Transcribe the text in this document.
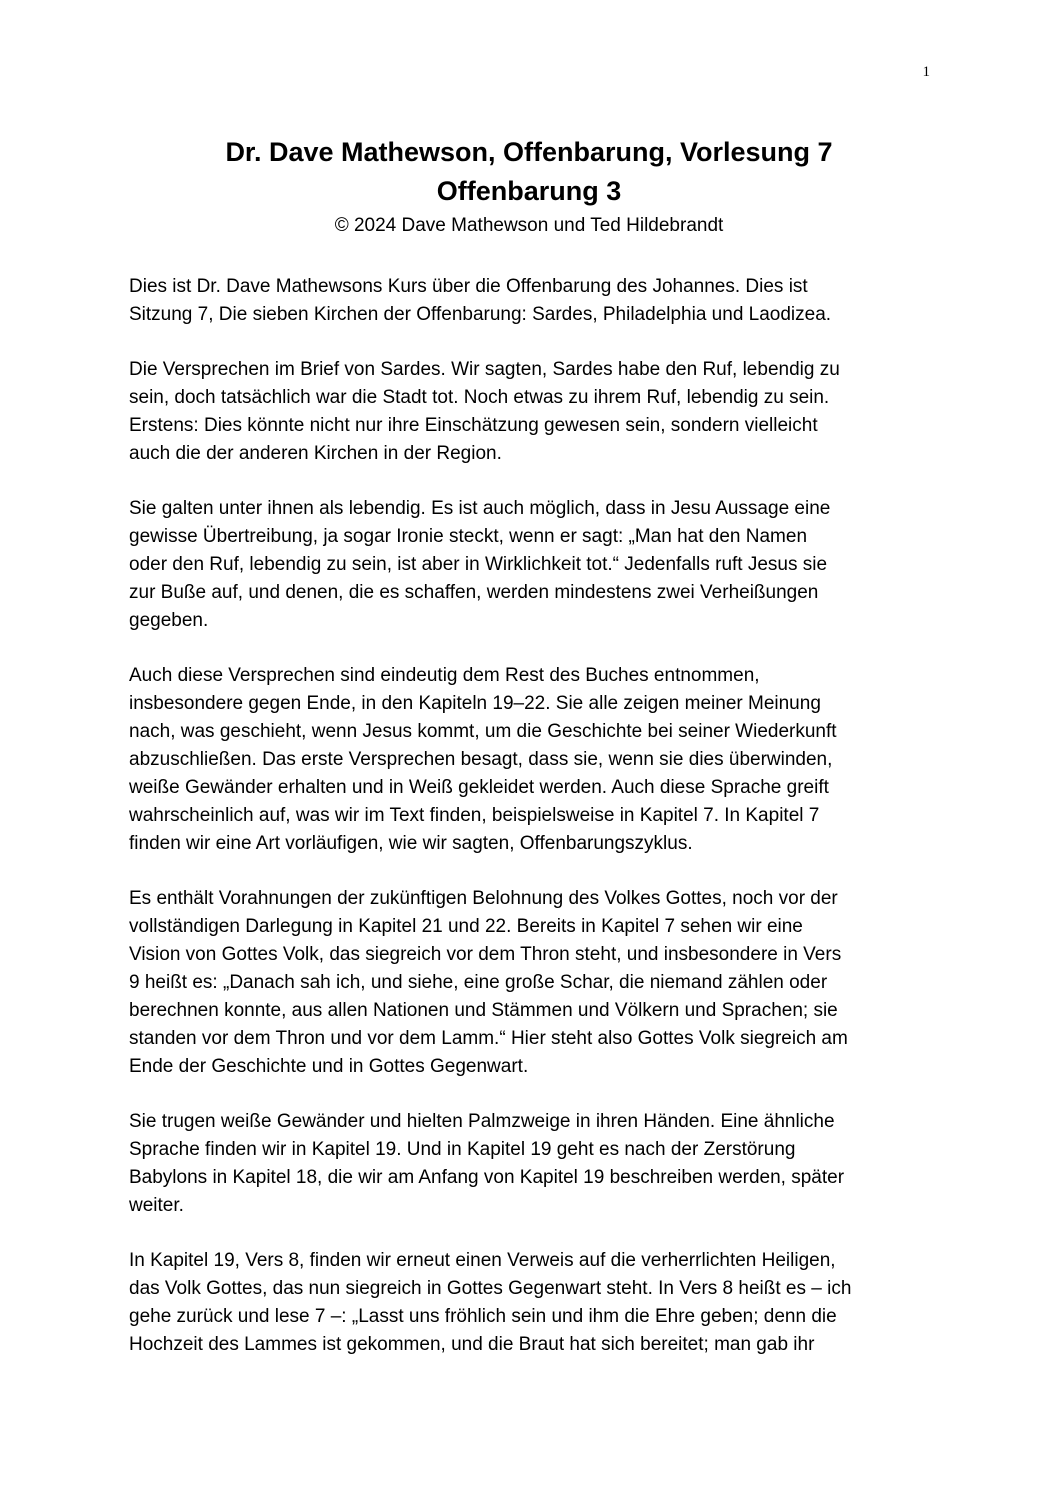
1
Dr. Dave Mathewson, Offenbarung, Vorlesung 7
Offenbarung 3

© 2024 Dave Mathewson und Ted Hildebrandt

Dies ist Dr. Dave Mathewsons Kurs über die Offenbarung des Johannes. Dies ist
Sitzung 7, Die sieben Kirchen der Offenbarung: Sardes, Philadelphia und Laodizea.

Die Versprechen im Brief von Sardes. Wir sagten, Sardes habe den Ruf, lebendig zu
sein, doch tatsächlich war die Stadt tot. Noch etwas zu ihrem Ruf, lebendig zu sein.
Erstens: Dies könnte nicht nur ihre Einschätzung gewesen sein, sondern vielleicht
auch die der anderen Kirchen in der Region.

Sie galten unter ihnen als lebendig. Es ist auch möglich, dass in Jesu Aussage eine
gewisse Übertreibung, ja sogar Ironie steckt, wenn er sagt: „Man hat den Namen
oder den Ruf, lebendig zu sein, ist aber in Wirklichkeit tot.“ Jedenfalls ruft Jesus sie
zur Buße auf, und denen, die es schaffen, werden mindestens zwei Verheißungen
gegeben.

Auch diese Versprechen sind eindeutig dem Rest des Buches entnommen,
insbesondere gegen Ende, in den Kapiteln 19–22. Sie alle zeigen meiner Meinung
nach, was geschieht, wenn Jesus kommt, um die Geschichte bei seiner Wiederkunft
abzuschließen. Das erste Versprechen besagt, dass sie, wenn sie dies überwinden,
weiße Gewänder erhalten und in Weiß gekleidet werden. Auch diese Sprache greift
wahrscheinlich auf, was wir im Text finden, beispielsweise in Kapitel 7. In Kapitel 7
finden wir eine Art vorläufigen, wie wir sagten, Offenbarungszyklus.

Es enthält Vorahnungen der zukünftigen Belohnung des Volkes Gottes, noch vor der
vollständigen Darlegung in Kapitel 21 und 22. Bereits in Kapitel 7 sehen wir eine
Vision von Gottes Volk, das siegreich vor dem Thron steht, und insbesondere in Vers
9 heißt es: „Danach sah ich, und siehe, eine große Schar, die niemand zählen oder
berechnen konnte, aus allen Nationen und Stämmen und Völkern und Sprachen; sie
standen vor dem Thron und vor dem Lamm.“ Hier steht also Gottes Volk siegreich am
Ende der Geschichte und in Gottes Gegenwart.

Sie trugen weiße Gewänder und hielten Palmzweige in ihren Händen. Eine ähnliche
Sprache finden wir in Kapitel 19. Und in Kapitel 19 geht es nach der Zerstörung
Babylons in Kapitel 18, die wir am Anfang von Kapitel 19 beschreiben werden, später
weiter.

In Kapitel 19, Vers 8, finden wir erneut einen Verweis auf die verherrlichten Heiligen,
das Volk Gottes, das nun siegreich in Gottes Gegenwart steht. In Vers 8 heißt es – ich
gehe zurück und lese 7 –: „Lasst uns fröhlich sein und ihm die Ehre geben; denn die
Hochzeit des Lammes ist gekommen, und die Braut hat sich bereitet; man gab ihr
